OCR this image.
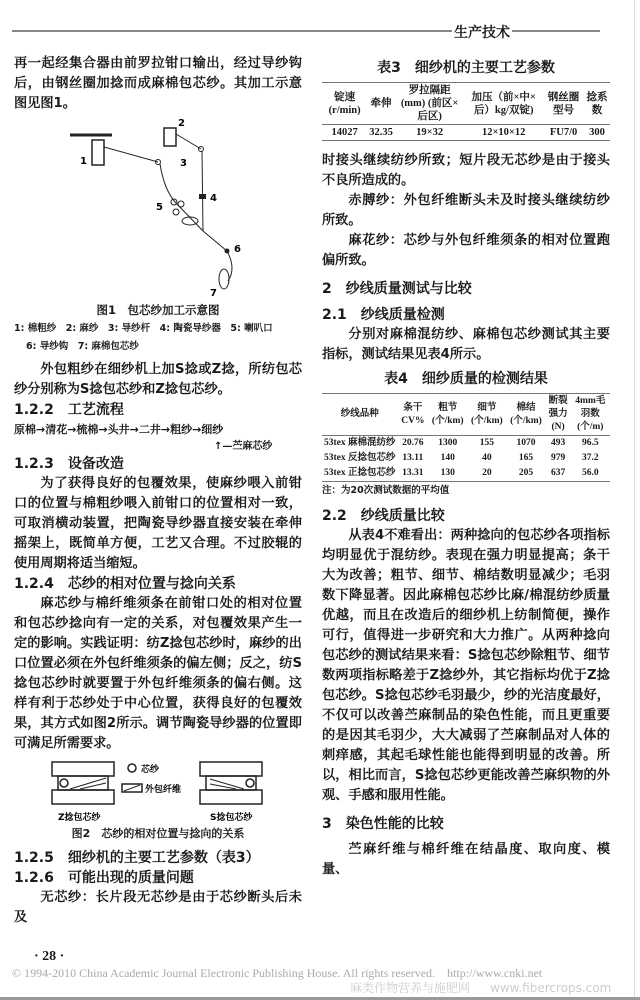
生产技术

再一起经集合器由前罗拉钳口输出，经过导纱钩后，由钢丝圈加捻而成麻棉包芯纱。其加工示意图见图1。

1
2
3
4
5
6
7
图1　包芯纱加工示意图
1: 棉粗纱　2: 麻纱　3: 导纱杆　4: 陶瓷导纱器　5: 喇叭口
6: 导纱钩　7: 麻棉包芯纱

外包粗纱在细纱机上加S捻或Z捻，所纺包芯纱分别称为S捻包芯纱和Z捻包芯纱。

1.2.2　工艺流程

原棉→清花→梳棉→头井→二井→粗纱→细纱
↑—苎麻芯纱

1.2.3　设备改造

为了获得良好的包覆效果，使麻纱喂入前钳口的位置与棉粗纱喂入前钳口的位置相对一致，可取消横动装置，把陶瓷导纱器直接安装在牵伸摇架上，既简单方便，工艺又合理。不过胶辊的使用周期将适当缩短。

1.2.4　芯纱的相对位置与捻向关系

麻芯纱与棉纤维须条在前钳口处的相对位置和包芯纱捻向有一定的关系，对包覆效果产生一定的影响。实践证明：纺Z捻包芯纱时，麻纱的出口位置必须在外包纤维须条的偏左侧；反之，纺S捻包芯纱时就要置于外包纤维须条的偏右侧。这样有利于芯纱处于中心位置，获得良好的包覆效果，其方式如图2所示。调节陶瓷导纱器的位置即可满足所需要求。

芯纱
外包纤维
Z捻包芯纱	S捻包芯纱
图2　芯纱的相对位置与捻向的关系

1.2.5　细纱机的主要工艺参数（表3）

1.2.6　可能出现的质量问题

无芯纱：长片段无芯纱是由于芯纱断头后未及

表3　细纱机的主要工艺参数

锭速 (r/min)	牵伸	罗拉隔距 (mm) (前区×后区)	加压（前×中×后）kg/双锭)	钢丝圈型号	捻系数
14027	32.35	19×32	12×10×12	FU7/0	300

时接头继续纺纱所致；短片段无芯纱是由于接头不良所造成的。

赤膊纱：外包纤维断头未及时接头继续纺纱所致。

麻花纱：芯纱与外包纤维须条的相对位置跑偏所致。

2　纱线质量测试与比较

2.1　纱线质量检测

分别对麻棉混纺纱、麻棉包芯纱测试其主要指标，测试结果见表4所示。

表4　细纱质量的检测结果

纱线品种	条干CV%	粗节(个/km)	细节(个/km)	棉结(个/km)	断裂强力(N)	4mm毛羽数(个/m)
53tex 麻棉混纺纱	20.76	1300	155	1070	493	96.5
53tex 反捻包芯纱	13.11	140	40	165	979	37.2
53tex 正捻包芯纱	13.31	130	20	205	637	56.0
注：为20次测试数据的平均值

2.2　纱线质量比较

从表4不难看出：两种捻向的包芯纱各项指标均明显优于混纺纱。表现在强力明显提高；条干大为改善；粗节、细节、棉结数明显减少；毛羽数下降显著。因此麻棉包芯纱比麻/棉混纺纱质量优越，而且在改造后的细纱机上纺制简便，操作可行，值得进一步研究和大力推广。从两种捻向包芯纱的测试结果来看：S捻包芯纱除粗节、细节数两项指标略差于Z捻纱外，其它指标均优于Z捻包芯纱。S捻包芯纱毛羽最少，纱的光洁度最好，不仅可以改善苎麻制品的染色性能，而且更重要的是因其毛羽少，大大减弱了苎麻制品对人体的刺痒感，其起毛球性能也能得到明显的改善。所以，相比而言，S捻包芯纱更能改善苎麻织物的外观、手感和服用性能。

3　染色性能的比较

苎麻纤维与棉纤维在结晶度、取向度、模量、

· 28 ·
© 1994-2010 China Academic Journal Electronic Publishing House. All rights reserved.　http://www.cnki.net
麻类作物营养与施肥网 www.fibercrops.com
